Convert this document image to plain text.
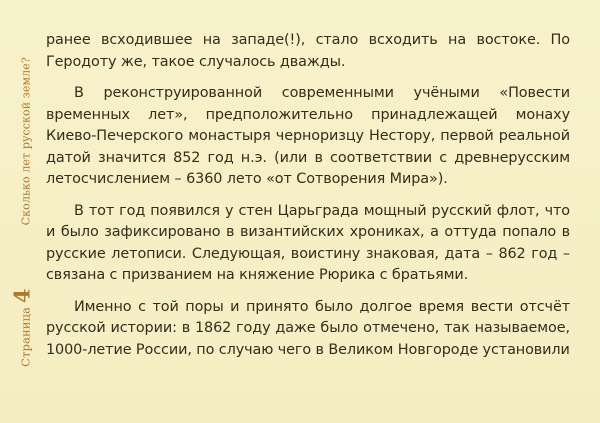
Страница
4
Сколько лет русской земле?

ранее всходившее на западе(!), стало всходить на востоке. По Геродоту же, такое случалось дважды.

В реконструированной современными учёными «Повести временных лет», предположительно принадлежащей монаху Киево-Печерского монастыря черноризцу Нестору, первой реальной датой значится 852 год н.э. (или в соответствии с древнерусским летосчислением – 6360 лето «от Сотворения Мира»).

В тот год появился у стен Царьграда мощный русский флот, что и было зафиксировано в византийских хрониках, а оттуда попало в русские летописи. Следующая, воистину знаковая, дата – 862 год – связана с призванием на княжение Рюрика с братьями.

Именно с той поры и принято было долгое время вести отсчёт русской истории: в 1862 году даже было отмечено, так называемое, 1000-летие России, по случаю чего в Великом Новгороде установили
